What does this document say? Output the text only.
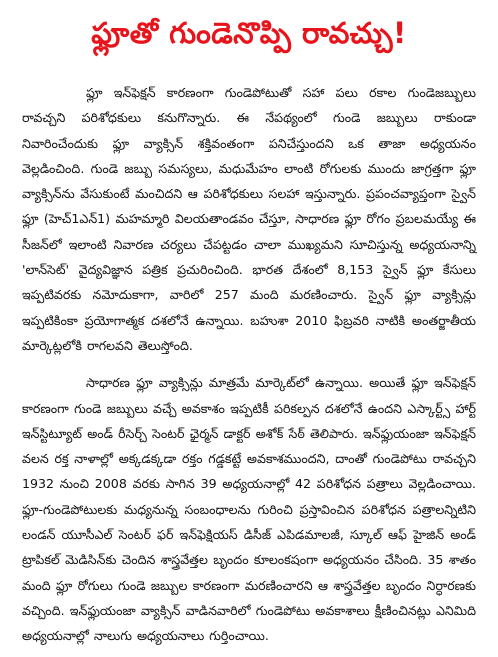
ఫ్లూతో గుండెనొప్పి రావచ్చు!

ఫ్లూ ఇన్‌ఫెక్షన్ కారణంగా గుండెపోటుతో సహా పలు రకాల గుండెజబ్బులు రావచ్చని పరిశోధకులు కనుగొన్నారు. ఈ నేపథ్యంలో గుండె జబ్బులు రాకుండా నివారించేందుకు ఫ్లూ వ్యాక్సిన్ శక్తివంతంగా పనిచేస్తుందని ఒక తాజా అధ్యయనం వెల్లడించింది. గుండె జబ్బు సమస్యలు, మధుమేహం లాంటి రోగులకు ముందు జాగ్రత్తగా ఫ్లూ వ్యాక్సిన్‌ను వేసుకుంటే మంచిదని ఆ పరిశోధకులు సలహా ఇస్తున్నారు. ప్రపంచవ్యాప్తంగా స్వైన్ ఫ్లూ (హెచ్1ఎన్1) మహమ్మారి విలయతాండవం చేస్తూ, సాధారణ ఫ్లూ రోగం ప్రబలమయ్యే ఈ సీజన్‌లో ఇలాంటి నివారణ చర్యలు చేపట్టడం చాలా ముఖ్యమని సూచిస్తున్న అధ్యయనాన్ని 'లాన్‌సెట్' వైద్యవిజ్ఞాన పత్రిక ప్రచురించింది. భారత దేశంలో 8,153 స్వైన్ ఫ్లూ కేసులు ఇప్పటివరకు నమోదుకాగా, వారిలో 257 మంది మరణించారు. స్వైన్ ఫ్లూ వ్యాక్సిన్లు ఇప్పటికింకా ప్రయోగాత్మక దశలోనే ఉన్నాయి. బహుశా 2010 ఫిబ్రవరి నాటికి అంతర్జాతీయ మార్కెట్లలోకి రాగలవని తెలుస్తోంది.

సాధారణ ఫ్లూ వ్యాక్సిన్లు మాత్రమే మార్కెట్‌లో ఉన్నాయి. అయితే ఫ్లూ ఇన్‌ఫెక్షన్ కారణంగా గుండె జబ్బులు వచ్చే అవకాశం ఇప్పటికీ పరికల్పన దశలోనే ఉందని ఎస్కార్ట్స్ హార్ట్ ఇన్‌స్టిట్యూట్ అండ్ రీసెర్చ్ సెంటర్ ఛైర్మన్ డాక్టర్ అశోక్ సేఠ్ తెలిపారు. ఇన్‌ఫ్లుయంజా ఇన్‌ఫెక్షన్ వలన రక్త నాళాల్లో అక్కడక్కడా రక్తం గడ్డకట్టే అవకాశముందని, దాంతో గుండెపోటు రావచ్చని 1932 నుంచి 2008 వరకు సాగిన 39 అధ్యయనాల్లో 42 పరిశోధన పత్రాలు వెల్లడించాయి. ఫ్లూ-గుండెపోటులకు మధ్యనున్న సంబంధాలను గురించి ప్రస్తావించిన పరిశోధన పత్రాలన్నిటిని లండన్ యూసీఎల్ సెంటర్ ఫర్ ఇన్‌ఫెక్షియస్ డిసీజ్ ఎపిడమాలజీ, స్కూల్ ఆఫ్ హైజిన్ అండ్ ట్రాపికల్ మెడిసిన్‌కు చెందిన శాస్త్రవేత్తల బృందం కూలంకషంగా అధ్యయనం చేసింది. 35 శాతం మంది ఫ్లూ రోగులు గుండె జబ్బుల కారణంగా మరణించారని ఆ శాస్త్రవేత్తల బృందం నిర్ధారణకు వచ్చింది. ఇన్‌ఫ్లుయంజా వ్యాక్సిన్ వాడినవారిలో గుండెపోటు అవకాశాలు క్షీణించినట్లు ఎనిమిది అధ్యయనాల్లో నాలుగు అధ్యయనాలు గుర్తించాయి.
